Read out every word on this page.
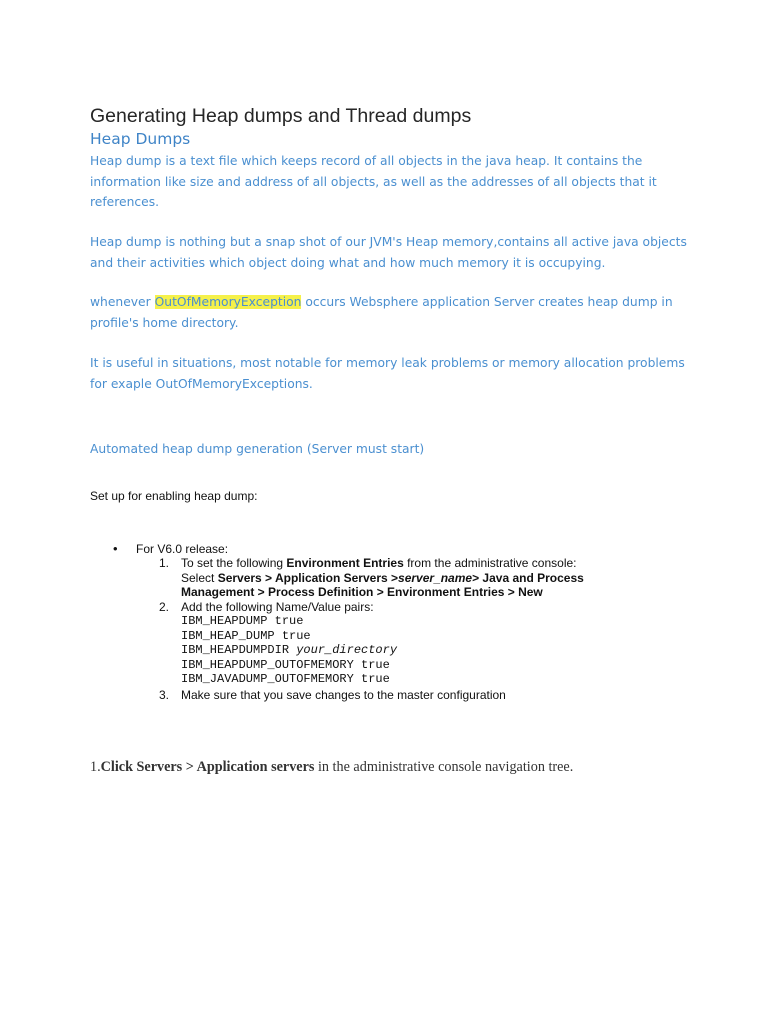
Generating Heap dumps and Thread dumps
Heap Dumps
Heap dump is a text file which keeps record of all objects in the java heap. It contains the information like size and address of all objects, as well as the addresses of all objects that it references.
Heap dump is nothing but a snap shot of our JVM's Heap memory,contains all active java objects and their activities which object doing what and how much memory it is occupying.
whenever OutOfMemoryException occurs Websphere application Server creates heap dump in profile's home directory.
It is useful in situations, most notable for memory leak problems or memory allocation problems for exaple OutOfMemoryExceptions.
Automated heap dump generation (Server must start)
Set up for enabling heap dump:
• For V6.0 release:
1. To set the following Environment Entries from the administrative console:
Select Servers > Application Servers >server_name> Java and Process
Management > Process Definition > Environment Entries > New
2. Add the following Name/Value pairs:
IBM_HEAPDUMP true
IBM_HEAP_DUMP true
IBM_HEAPDUMPDIR your_directory
IBM_HEAPDUMP_OUTOFMEMORY true
IBM_JAVADUMP_OUTOFMEMORY true
3. Make sure that you save changes to the master configuration
1.Click Servers > Application servers in the administrative console navigation tree.
